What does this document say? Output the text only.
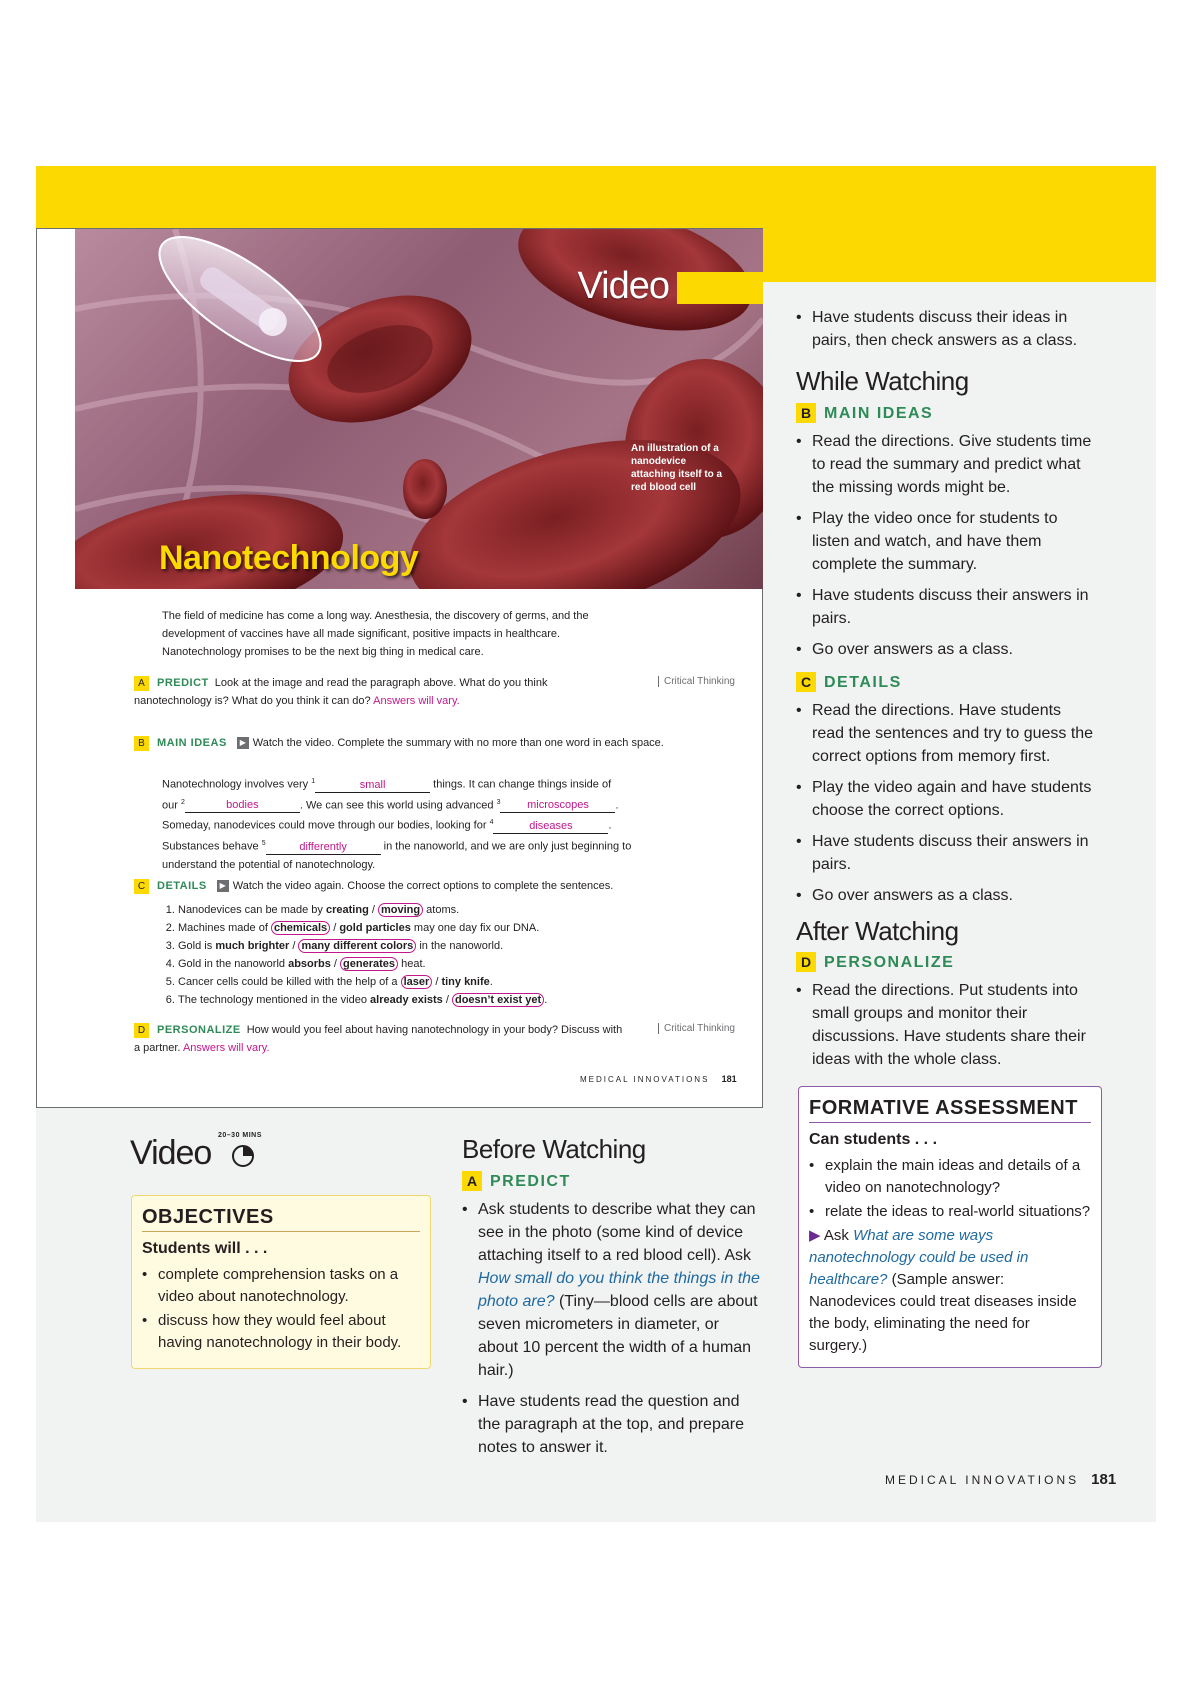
Video
An illustration of a nanodevice attaching itself to a red blood cell
Nanotechnology
The field of medicine has come a long way. Anesthesia, the discovery of germs, and the development of vaccines have all made significant, positive impacts in healthcare. Nanotechnology promises to be the next big thing in medical care.
A PREDICT Look at the image and read the paragraph above. What do you think nanotechnology is? What do you think it can do? Answers will vary.
Critical Thinking
B MAIN IDEAS ▶ Watch the video. Complete the summary with no more than one word in each space.
Nanotechnology involves very $^1$	small	things. It can change things inside of
our $^2$	bodies	. We can see this world using advanced $^3$ microscopes .
Someday, nanodevices could move through our bodies, looking for $^4$	diseases	.
Substances behave $^5$	differently	in the nanoworld, and we are only just beginning to understand the potential of nanotechnology.
C DETAILS ▶ Watch the video again. Choose the correct options to complete the sentences.
1. Nanodevices can be made by creating / moving atoms.
2. Machines made of chemicals / gold particles may one day fix our DNA.
3. Gold is much brighter / many different colors in the nanoworld.
4. Gold in the nanoworld absorbs / generates heat.
5. Cancer cells could be killed with the help of a laser / tiny knife.
6. The technology mentioned in the video already exists / doesn’t exist yet .
D PERSONALIZE How would you feel about having nanotechnology in your body? Discuss with a partner. Answers will vary.
Critical Thinking
MEDICAL INNOVATIONS 181
• Have students discuss their ideas in pairs, then check answers as a class.
While Watching
B MAIN IDEAS
• Read the directions. Give students time to read the summary and predict what the missing words might be.
• Play the video once for students to listen and watch, and have them complete the summary.
• Have students discuss their answers in pairs.
• Go over answers as a class.
C DETAILS
• Read the directions. Have students read the sentences and try to guess the correct options from memory first.
• Play the video again and have students choose the correct options.
• Have students discuss their answers in pairs.
• Go over answers as a class.
After Watching
D PERSONALIZE
• Read the directions. Put students into small groups and monitor their discussions. Have students share their ideas with the whole class.
FORMATIVE ASSESSMENT
Can students . . .
• explain the main ideas and details of a video on nanotechnology?
• relate the ideas to real-world situations?
▶ Ask What are some ways nanotechnology could be used in healthcare? (Sample answer: Nanodevices could treat diseases inside the body, eliminating the need for surgery.)
Video 20–30 MINS
OBJECTIVES
Students will . . .
• complete comprehension tasks on a video about nanotechnology.
• discuss how they would feel about having nanotechnology in their body.
Before Watching
A PREDICT
• Ask students to describe what they can see in the photo (some kind of device attaching itself to a red blood cell). Ask How small do you think the things in the photo are? (Tiny—blood cells are about seven micrometers in diameter, or about 10 percent the width of a human hair.)
• Have students read the question and the paragraph at the top, and prepare notes to answer it.
MEDICAL INNOVATIONS 181
